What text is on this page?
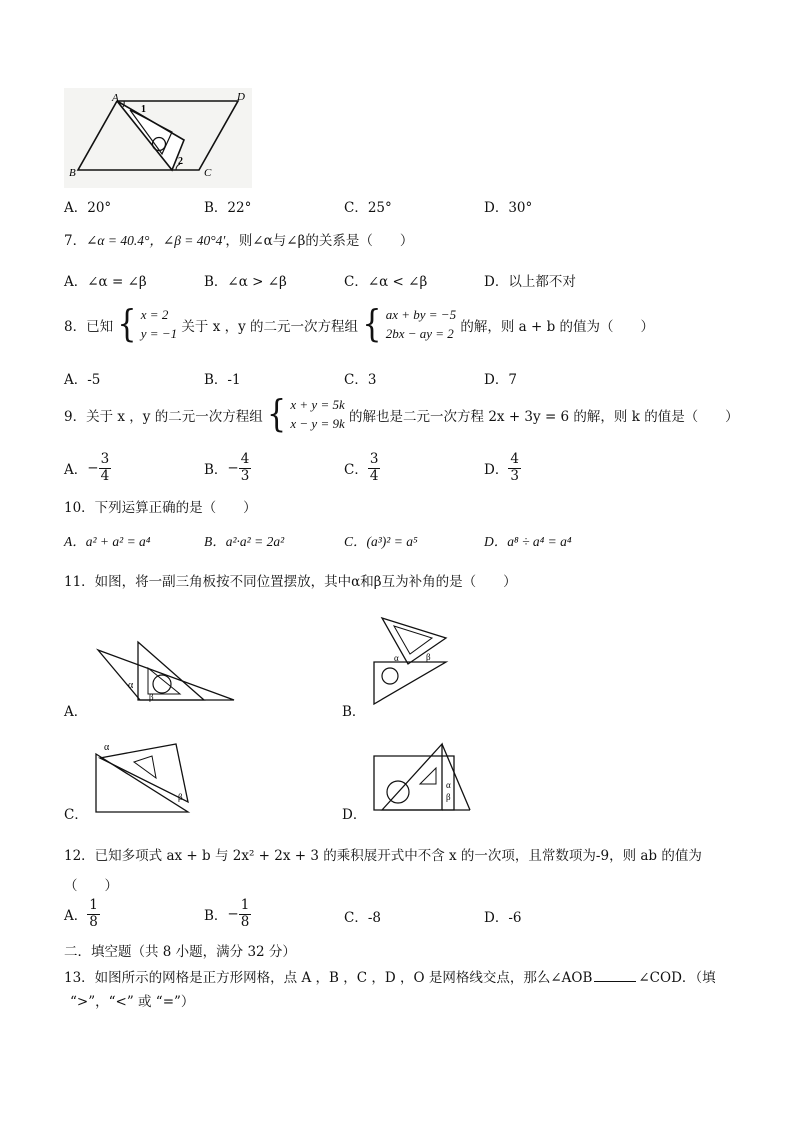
A	D
B	C
1
2
A．20°	B．22°	C．25°	D．30°
7．∠α = 40.4°，∠β = 40°4′，则∠α与∠β的关系是（　　）
A．∠α = ∠β	B．∠α > ∠β	C．∠α < ∠β	D．以上都不对
8．已知 { x = 2
y = −1 关于 x ，y 的二元一次方程组 { ax + by = −5
2bx − ay = 2 的解，则 a + b 的值为（　　）
A．-5	B．-1	C．3	D．7
9．关于 x ，y 的二元一次方程组 { x + y = 5k
x − y = 9k 的解也是二元一次方程 2x + 3y = 6 的解，则 k 的值是（　　）
A．− $\frac{3}{4}$	B．− $\frac{4}{3}$	C． $\frac{3}{4}$	D． $\frac{4}{3}$
10．下列运算正确的是（　　）
A．a² + a² = a⁴	B．a²·a² = 2a²	C．(a³)² = a⁵	D．a⁸ ÷ a⁴ = a⁴
11．如图，将一副三角板按不同位置摆放，其中α和β互为补角的是（　　）
A．
α
β
B．
α	β
C．
α
β
D．
α
β
12．已知多项式 ax + b 与 2x² + 2x + 3 的乘积展开式中不含 x 的一次项，且常数项为-9，则 ab 的值为
（　　）
A． $\frac{1}{8}$	B．− $\frac{1}{8}$	C．-8	D．-6
二．填空题（共 8 小题，满分 32 分）
13．如图所示的网格是正方形网格，点 A ，B ，C ，D ，O 是网格线交点，那么∠AOB	∠COD．（填
“>”，“<” 或 “=”）
